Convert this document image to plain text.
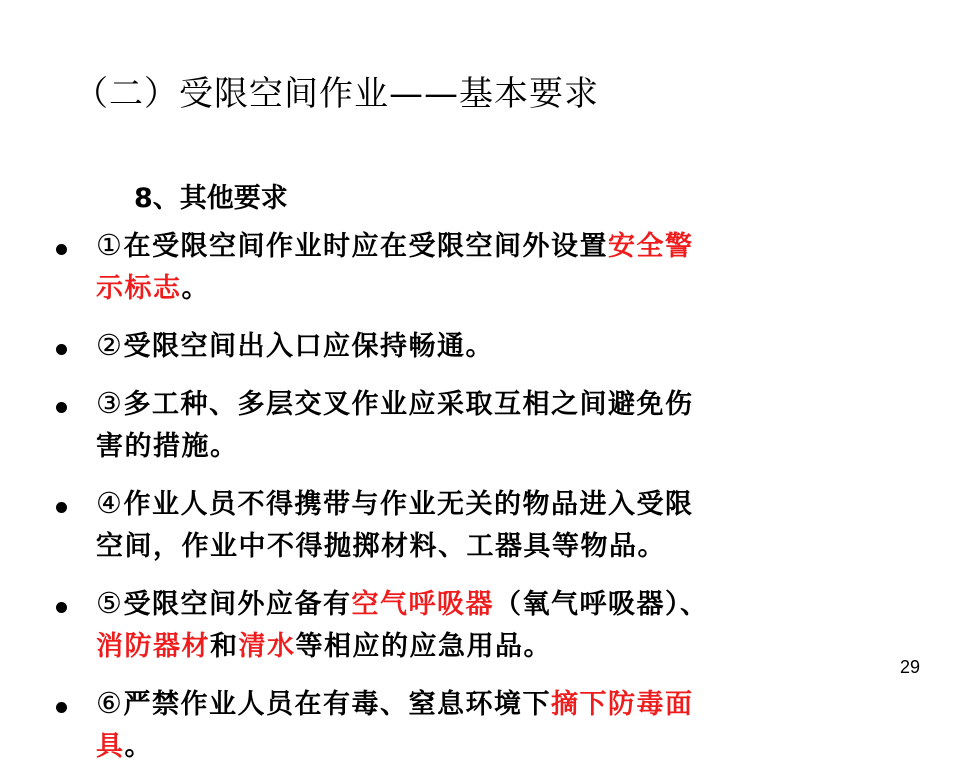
（二）受限空间作业——基本要求
8、其他要求
①在受限空间作业时应在受限空间外设置安全警
示标志。
②受限空间出入口应保持畅通。
③多工种、多层交叉作业应采取互相之间避免伤
害的措施。
④作业人员不得携带与作业无关的物品进入受限
空间，作业中不得抛掷材料、工器具等物品。
⑤受限空间外应备有空气呼吸器（氧气呼吸器）、
消防器材和清水等相应的应急用品。
⑥严禁作业人员在有毒、窒息环境下摘下防毒面
具。
29
